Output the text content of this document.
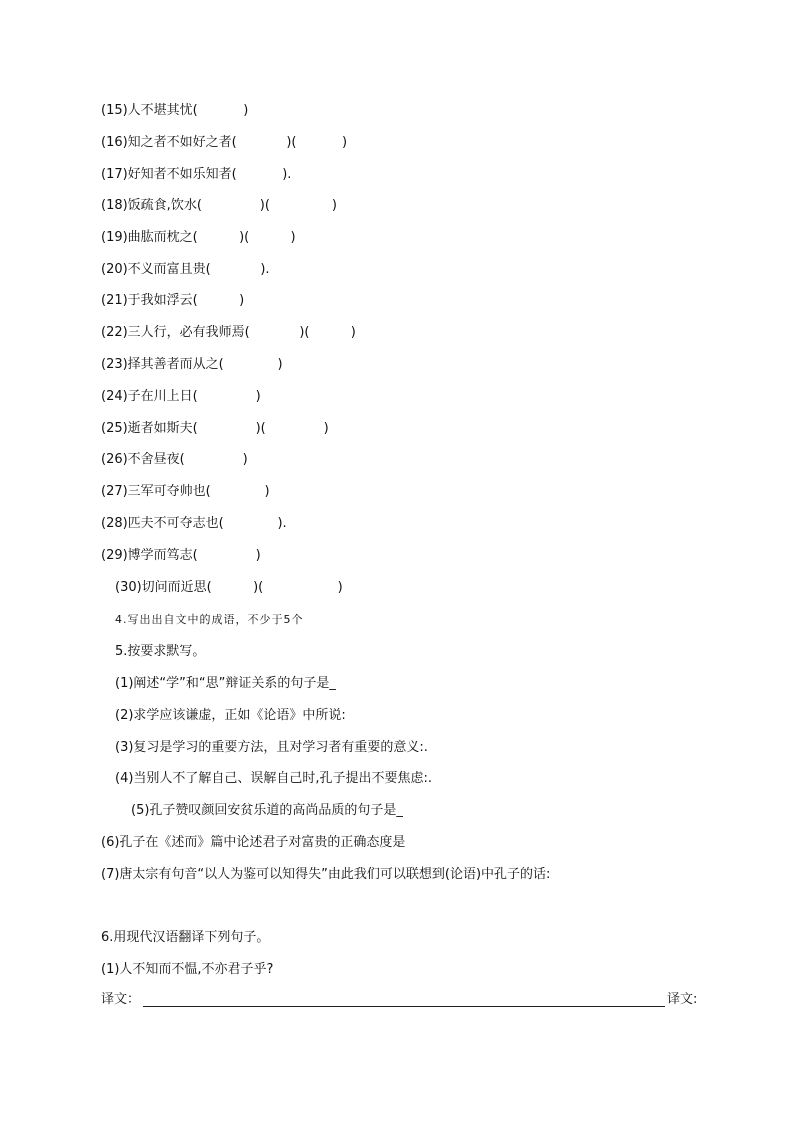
(15)人不堪其忧(           )
(16)知之者不如好之者(            )(           )
(17)好知者不如乐知者(           ).
(18)饭疏食,饮水(              )(               )
(19)曲肱而枕之(          )(          )
(20)不义而富且贵(            ).
(21)于我如浮云(          )
(22)三人行，必有我师焉(            )(          )
(23)择其善者而从之(             )
(24)子在川上日(              )
(25)逝者如斯夫(              )(              )
(26)不舍昼夜(              )
(27)三军可夺帅也(             )
(28)匹夫不可夺志也(             ).
(29)博学而笃志(              )
(30)切问而近思(          )(                  )
4.写出出自文中的成语，不少于5个
5.按要求默写。
(1)阐述“学”和“思”辩证关系的句子是_
(2)求学应该谦虚，正如《论语》中所说:
(3)复习是学习的重要方法，且对学习者有重要的意义:.
(4)当别人不了解自己、误解自己时,孔子提出不要焦虑:.
(5)孔子赞叹颜回安贫乐道的高尚品质的句子是_
(6)孔子在《述而》篇中论述君子对富贵的正确态度是
(7)唐太宗有句音“以人为鉴可以知得失”由此我们可以联想到(论语)中孔子的话:
6.用现代汉语翻译下列句子。
(1)人不知而不愠,不亦君子乎?
译文：	译文:
